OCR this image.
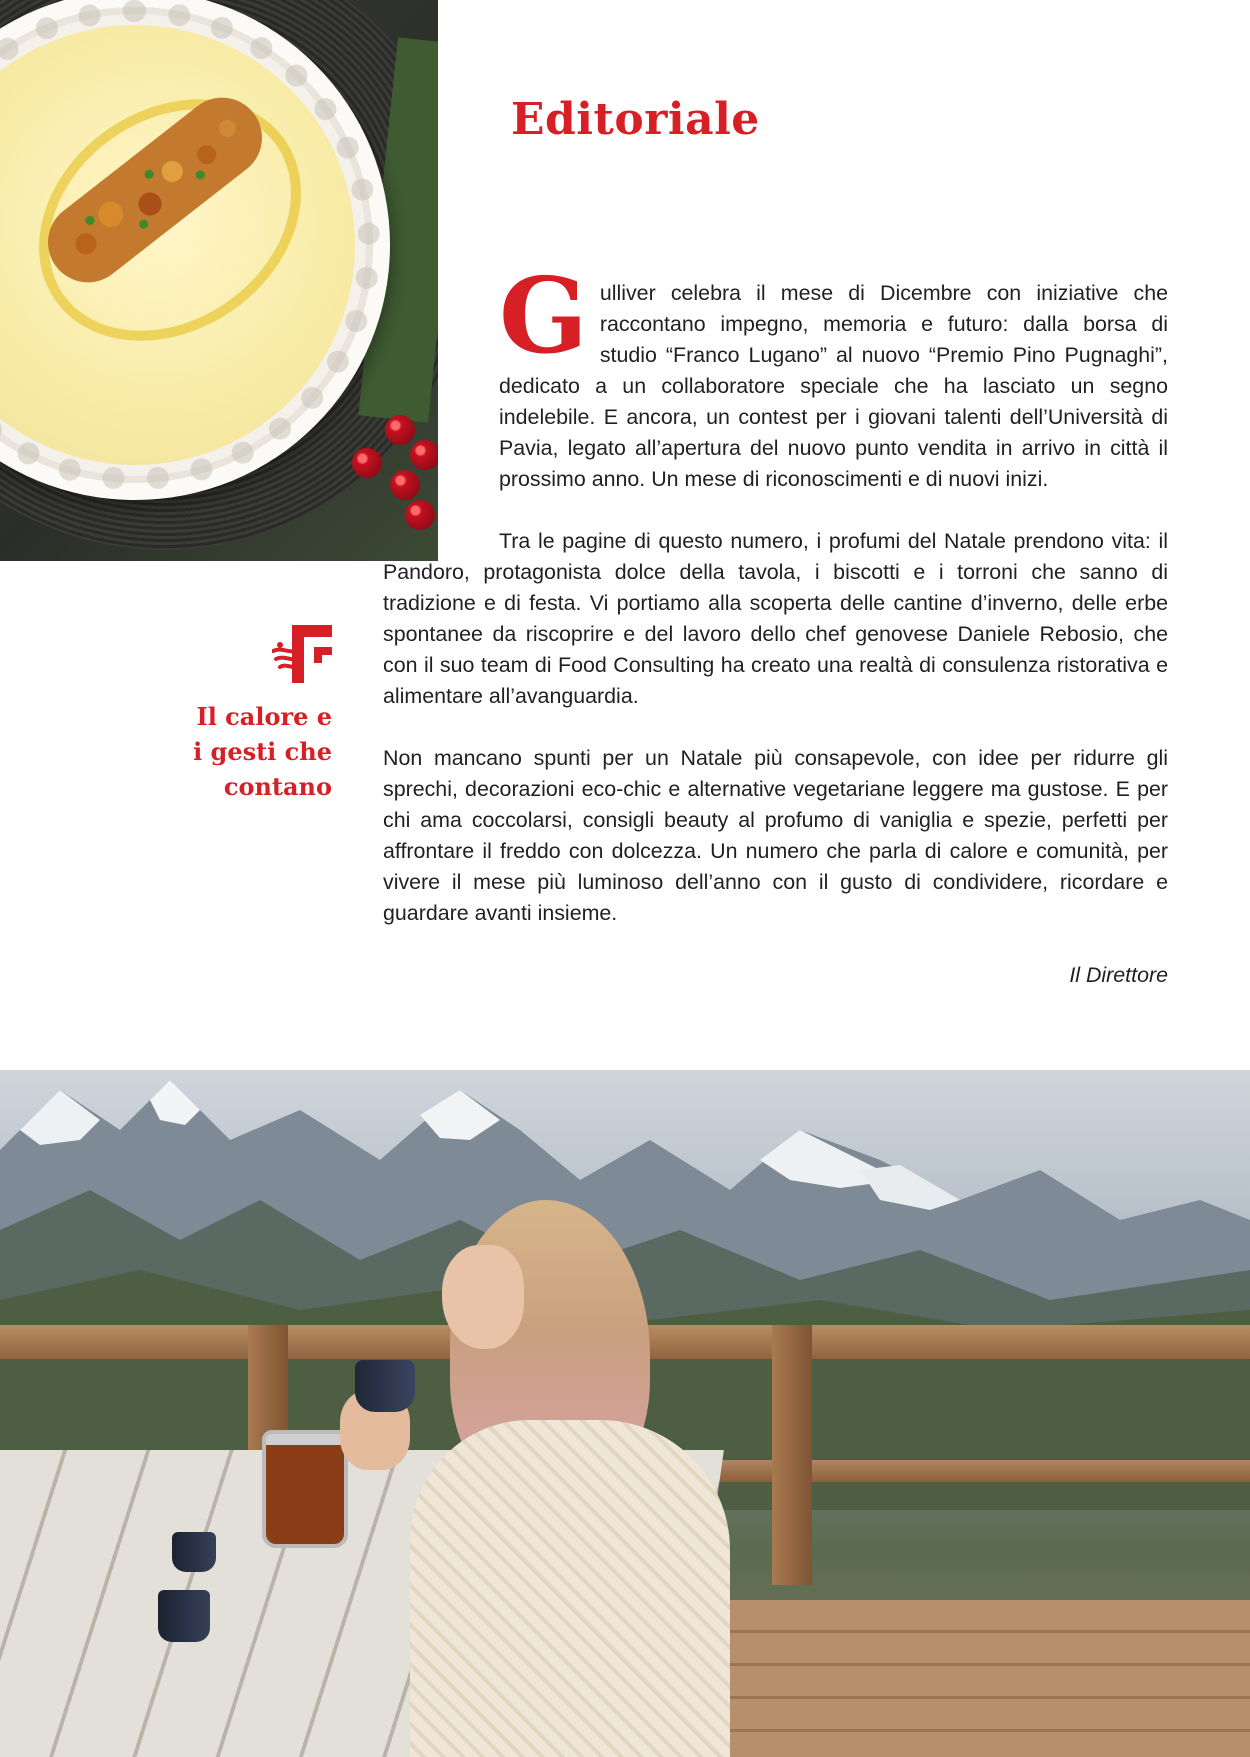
Editoriale

Gulliver celebra il mese di Dicembre con iniziative che raccontano impegno, memoria e futuro: dalla borsa di studio “Franco Lugano” al nuovo “Premio Pino Pugnaghi”, dedicato a un collaboratore speciale che ha lasciato un segno indelebile. E ancora, un contest per i giovani talenti dell’Università di Pavia, legato all’apertura del nuovo punto vendita in arrivo in città il prossimo anno. Un mese di riconoscimenti e di nuovi inizi.

Tra le pagine di questo numero, i profumi del Natale prendono vita: il Pandoro, protagonista dolce della tavola, i biscotti e i torroni che sanno di tradizione e di festa. Vi portiamo alla scoperta delle cantine d’inverno, delle erbe spontanee da riscoprire e del lavoro dello chef genovese Daniele Rebosio, che con il suo team di Food Consulting ha creato una realtà di consulenza ristorativa e alimentare all’avanguardia.

Non mancano spunti per un Natale più consapevole, con idee per ridurre gli sprechi, decorazioni eco-chic e alternative vegetariane leggere ma gustose. E per chi ama coccolarsi, consigli beauty al profumo di vaniglia e spezie, perfetti per affrontare il freddo con dolcezza. Un numero che parla di calore e comunità, per vivere il mese più luminoso dell’anno con il gusto di condividere, ricordare e guardare avanti insieme.

Il Direttore

Il calore e
i gesti che
contano
